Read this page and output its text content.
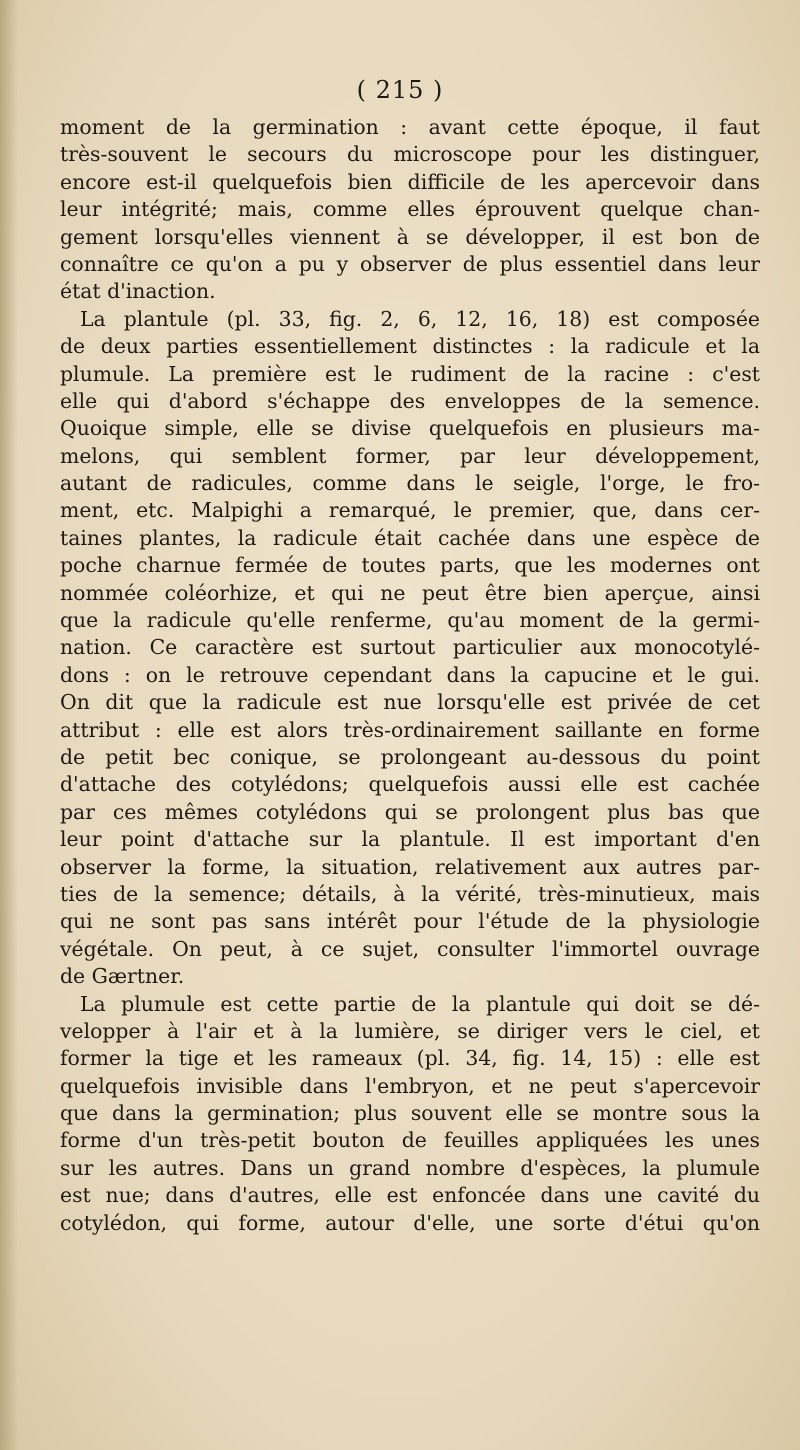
( 215 )
moment de la germination : avant cette époque, il faut
très-souvent le secours du microscope pour les distinguer,
encore est-il quelquefois bien difficile de les apercevoir dans
leur intégrité; mais, comme elles éprouvent quelque chan-
gement lorsqu'elles viennent à se développer, il est bon de
connaître ce qu'on a pu y observer de plus essentiel dans leur
état d'inaction.
La plantule (pl. 33, fig. 2, 6, 12, 16, 18) est composée
de deux parties essentiellement distinctes : la radicule et la
plumule. La première est le rudiment de la racine : c'est
elle qui d'abord s'échappe des enveloppes de la semence.
Quoique simple, elle se divise quelquefois en plusieurs ma-
melons, qui semblent former, par leur développement,
autant de radicules, comme dans le seigle, l'orge, le fro-
ment, etc. Malpighi a remarqué, le premier, que, dans cer-
taines plantes, la radicule était cachée dans une espèce de
poche charnue fermée de toutes parts, que les modernes ont
nommée coléorhize, et qui ne peut être bien aperçue, ainsi
que la radicule qu'elle renferme, qu'au moment de la germi-
nation. Ce caractère est surtout particulier aux monocotylé-
dons : on le retrouve cependant dans la capucine et le gui.
On dit que la radicule est nue lorsqu'elle est privée de cet
attribut : elle est alors très-ordinairement saillante en forme
de petit bec conique, se prolongeant au-dessous du point
d'attache des cotylédons; quelquefois aussi elle est cachée
par ces mêmes cotylédons qui se prolongent plus bas que
leur point d'attache sur la plantule. Il est important d'en
observer la forme, la situation, relativement aux autres par-
ties de la semence; détails, à la vérité, très-minutieux, mais
qui ne sont pas sans intérêt pour l'étude de la physiologie
végétale. On peut, à ce sujet, consulter l'immortel ouvrage
de Gærtner.
La plumule est cette partie de la plantule qui doit se dé-
velopper à l'air et à la lumière, se diriger vers le ciel, et
former la tige et les rameaux (pl. 34, fig. 14, 15) : elle est
quelquefois invisible dans l'embryon, et ne peut s'apercevoir
que dans la germination; plus souvent elle se montre sous la
forme d'un très-petit bouton de feuilles appliquées les unes
sur les autres. Dans un grand nombre d'espèces, la plumule
est nue; dans d'autres, elle est enfoncée dans une cavité du
cotylédon, qui forme, autour d'elle, une sorte d'étui qu'on
